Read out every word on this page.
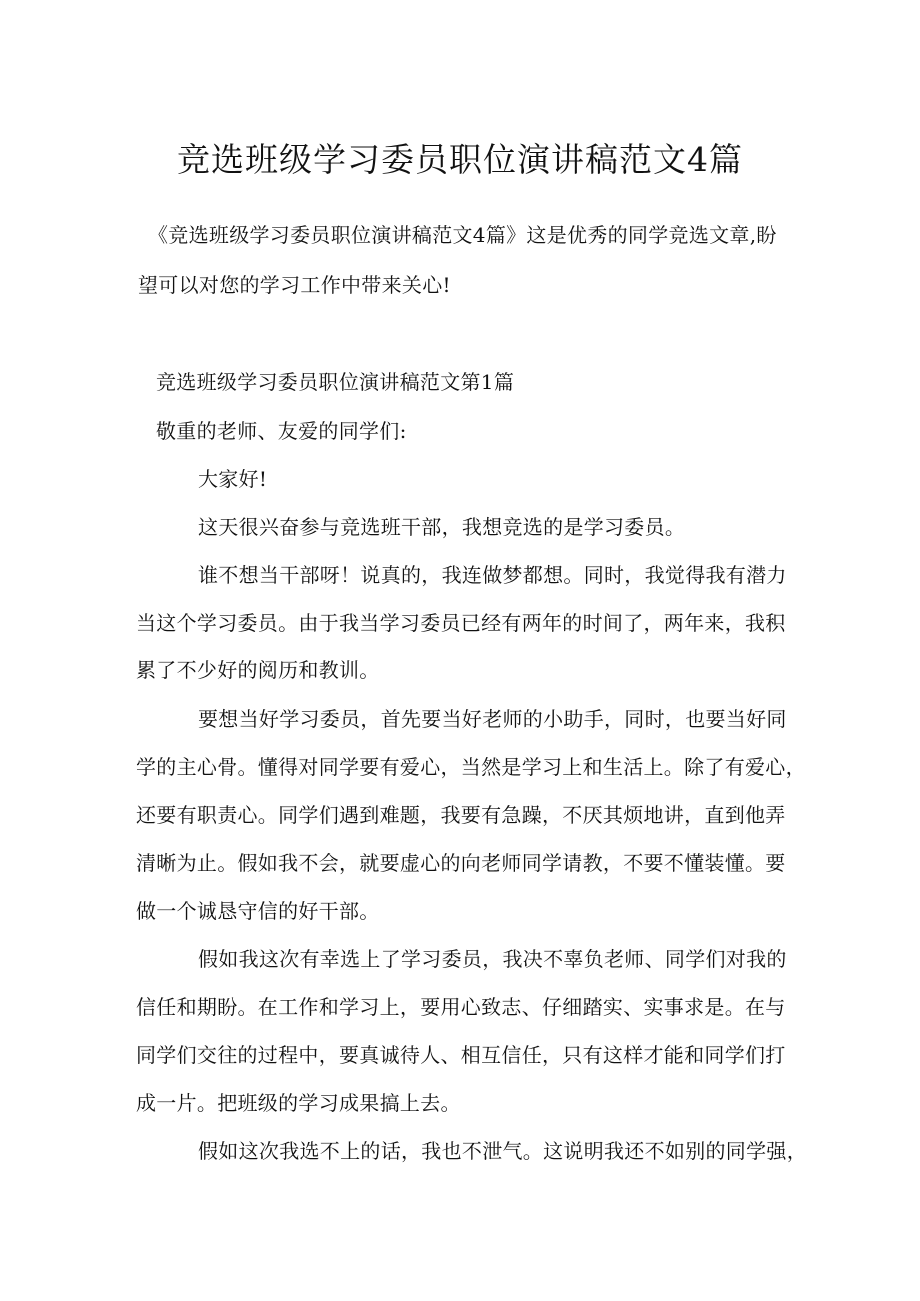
竞选班级学习委员职位演讲稿范文4篇
《竞选班级学习委员职位演讲稿范文4篇》这是优秀的同学竞选文章,盼
望可以对您的学习工作中带来关心!
竞选班级学习委员职位演讲稿范文第1篇
敬重的老师、友爱的同学们:
大家好!
这天很兴奋参与竞选班干部，我想竞选的是学习委员。
谁不想当干部呀！说真的，我连做梦都想。同时，我觉得我有潜力
当这个学习委员。由于我当学习委员已经有两年的时间了，两年来，我积
累了不少好的阅历和教训。
要想当好学习委员，首先要当好老师的小助手，同时，也要当好同
学的主心骨。懂得对同学要有爱心，当然是学习上和生活上。除了有爱心，
还要有职责心。同学们遇到难题，我要有急躁，不厌其烦地讲，直到他弄
清晰为止。假如我不会，就要虚心的向老师同学请教，不要不懂装懂。要
做一个诚恳守信的好干部。
假如我这次有幸选上了学习委员，我决不辜负老师、同学们对我的
信任和期盼。在工作和学习上，要用心致志、仔细踏实、实事求是。在与
同学们交往的过程中，要真诚待人、相互信任，只有这样才能和同学们打
成一片。把班级的学习成果搞上去。
假如这次我选不上的话，我也不泄气。这说明我还不如别的同学强，
